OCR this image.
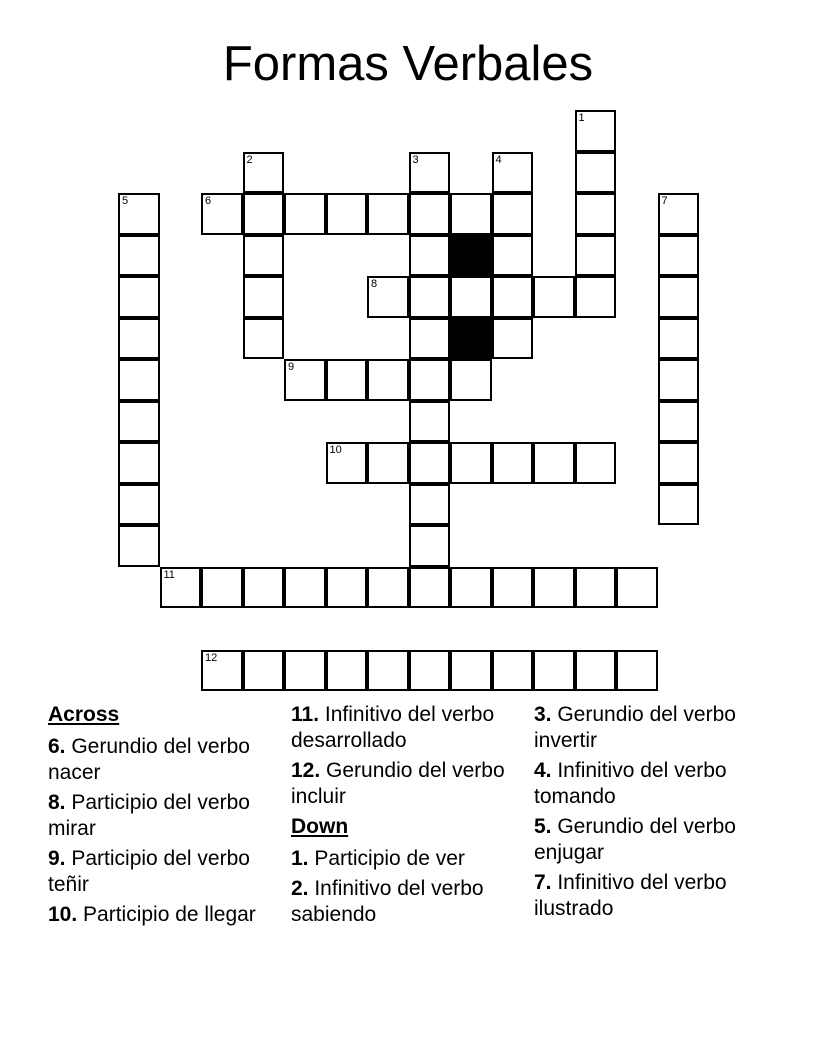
Formas Verbales
1
2	3	4
5	6	7
8
9
10
11
12
Across
6. Gerundio del verbo nacer
8. Participio del verbo mirar
9. Participio del verbo teñir
10. Participio de llegar
11. Infinitivo del verbo desarrollado
12. Gerundio del verbo incluir
Down
1. Participio de ver
2. Infinitivo del verbo sabiendo
3. Gerundio del verbo invertir
4. Infinitivo del verbo tomando
5. Gerundio del verbo enjugar
7. Infinitivo del verbo ilustrado
